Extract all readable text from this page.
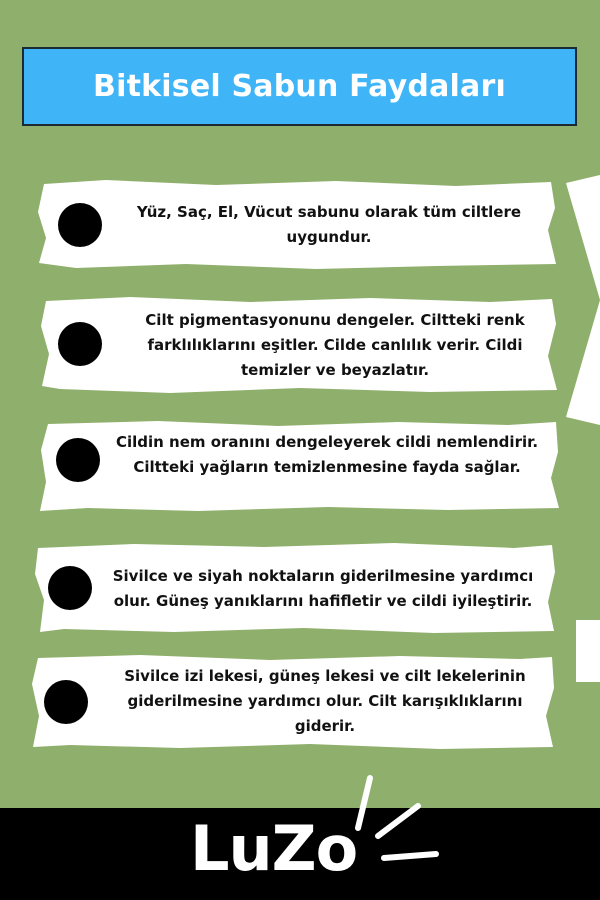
Bitkisel Sabun Faydaları
Yüz, Saç, El, Vücut sabunu olarak tüm ciltlere uygundur.
Cilt pigmentasyonunu dengeler. Ciltteki renk farklılıklarını eşitler. Cilde canlılık verir. Cildi temizler ve beyazlatır.
Cildin nem oranını dengeleyerek cildi nemlendirir. Ciltteki yağların temizlenmesine fayda sağlar.
Sivilce ve siyah noktaların giderilmesine yardımcı olur. Güneş yanıklarını hafifletir ve cildi iyileştirir.
Sivilce izi lekesi, güneş lekesi ve cilt lekelerinin giderilmesine yardımcı olur. Cilt karışıklıklarını giderir.
LuZo
